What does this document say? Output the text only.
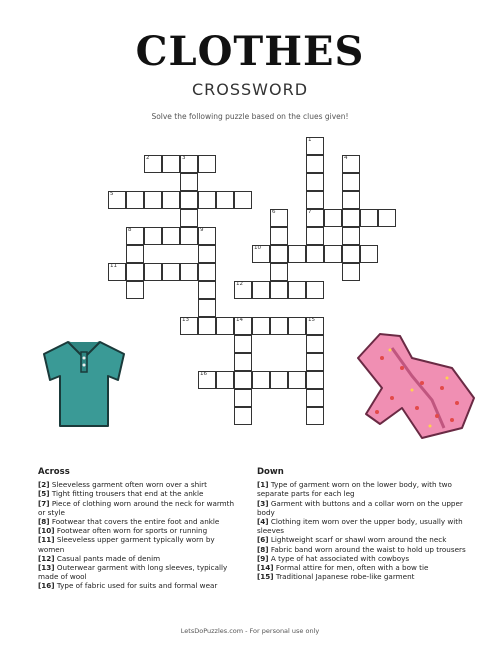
CLOTHES
CROSSWORD
Solve the following puzzle based on the clues given!
2	3
1
7
4
5
6
8	9
10
11
12
13	14	15
16
Across
[2] Sleeveless garment often worn over a shirt
[5] Tight fitting trousers that end at the ankle
[7] Piece of clothing worn around the neck for warmth or style
[8] Footwear that covers the entire foot and ankle
[10] Footwear often worn for sports or running
[11] Sleeveless upper garment typically worn by women
[12] Casual pants made of denim
[13] Outerwear garment with long sleeves, typically made of wool
[16] Type of fabric used for suits and formal wear
Down
[1] Type of garment worn on the lower body, with two separate parts for each leg
[3] Garment with buttons and a collar worn on the upper body
[4] Clothing item worn over the upper body, usually with sleeves
[6] Lightweight scarf or shawl worn around the neck
[8] Fabric band worn around the waist to hold up trousers
[9] A type of hat associated with cowboys
[14] Formal attire for men, often with a bow tie
[15] Traditional Japanese robe-like garment
LetsDoPuzzles.com - For personal use only
